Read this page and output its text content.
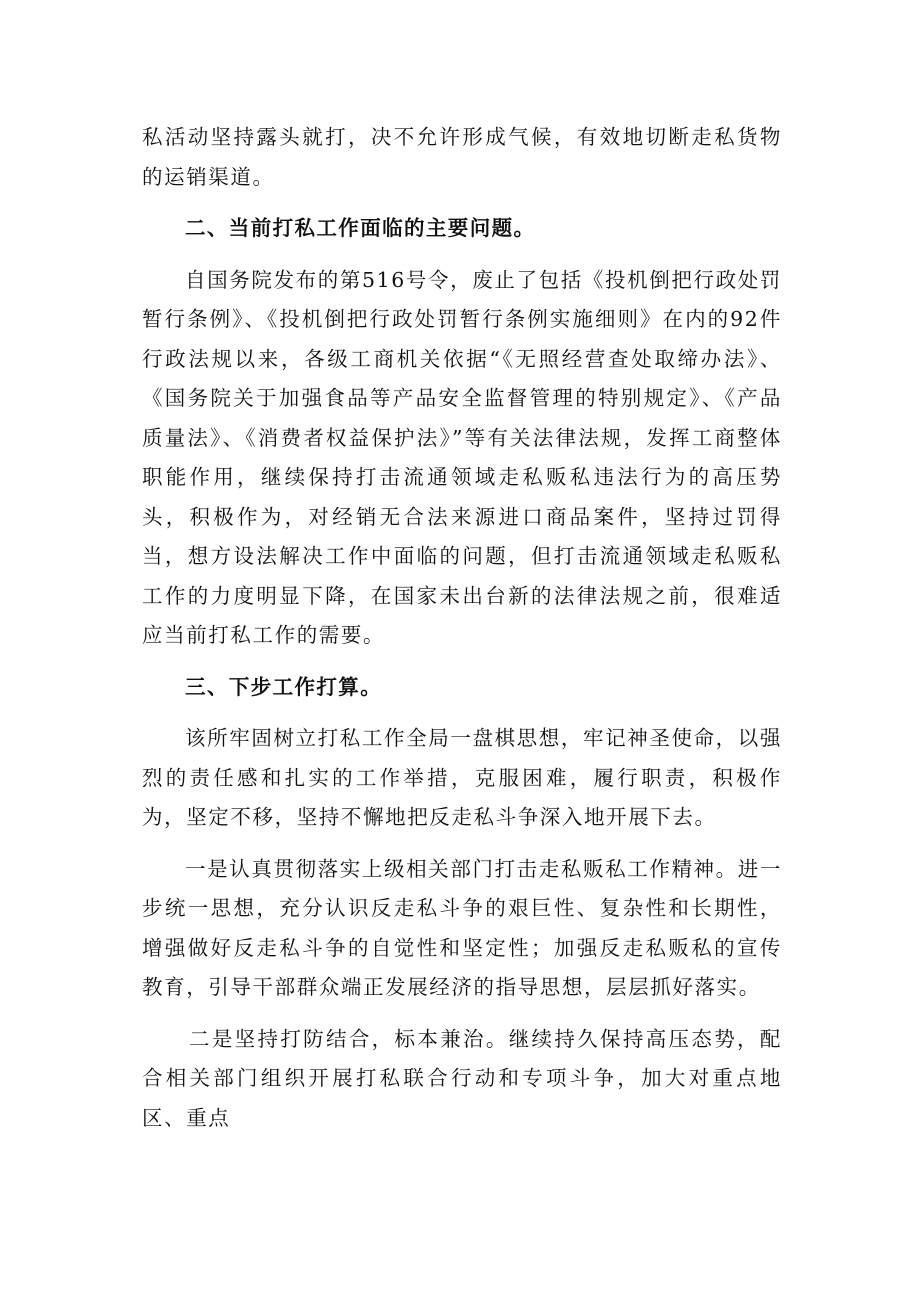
私活动坚持露头就打，决不允许形成气候，有效地切断走私货物的运销渠道。

二、当前打私工作面临的主要问题。

自国务院发布的第516号令，废止了包括《投机倒把行政处罚暂行条例》、《投机倒把行政处罚暂行条例实施细则》在内的92件行政法规以来，各级工商机关依据“《无照经营查处取缔办法》、《国务院关于加强食品等产品安全监督管理的特别规定》、《产品质量法》、《消费者权益保护法》”等有关法律法规，发挥工商整体职能作用，继续保持打击流通领域走私贩私违法行为的高压势头，积极作为，对经销无合法来源进口商品案件，坚持过罚得当，想方设法解决工作中面临的问题，但打击流通领域走私贩私工作的力度明显下降，在国家未出台新的法律法规之前，很难适应当前打私工作的需要。

三、下步工作打算。

该所牢固树立打私工作全局一盘棋思想，牢记神圣使命，以强烈的责任感和扎实的工作举措，克服困难，履行职责，积极作为，坚定不移，坚持不懈地把反走私斗争深入地开展下去。

一是认真贯彻落实上级相关部门打击走私贩私工作精神。进一步统一思想，充分认识反走私斗争的艰巨性、复杂性和长期性，增强做好反走私斗争的自觉性和坚定性；加强反走私贩私的宣传教育，引导干部群众端正发展经济的指导思想，层层抓好落实。

二是坚持打防结合，标本兼治。继续持久保持高压态势，配合相关部门组织开展打私联合行动和专项斗争，加大对重点地区、重点
